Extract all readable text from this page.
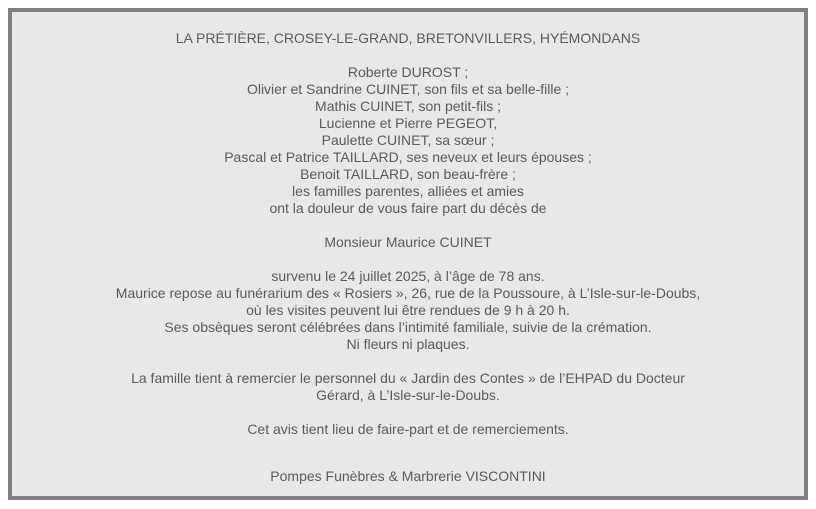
LA PRÉTIÈRE, CROSEY-LE-GRAND, BRETONVILLERS, HYÉMONDANS
Roberte DUROST ;
Olivier et Sandrine CUINET, son fils et sa belle-fille ;
Mathis CUINET, son petit-fils ;
Lucienne et Pierre PEGEOT,
Paulette CUINET, sa sœur ;
Pascal et Patrice TAILLARD, ses neveux et leurs épouses ;
Benoit TAILLARD, son beau-frère ;
les familles parentes, alliées et amies
ont la douleur de vous faire part du décès de
Monsieur Maurice CUINET
survenu le 24 juillet 2025, à l’âge de 78 ans.
Maurice repose au funérarium des « Rosiers », 26, rue de la Poussoure, à L’Isle-sur-le-Doubs,
où les visites peuvent lui être rendues de 9 h à 20 h.
Ses obsèques seront célébrées dans l’intimité familiale, suivie de la crémation.
Ni fleurs ni plaques.
La famille tient à remercier le personnel du « Jardin des Contes » de l’EHPAD du Docteur
Gérard, à L’Isle-sur-le-Doubs.
Cet avis tient lieu de faire-part et de remerciements.
Pompes Funèbres & Marbrerie VISCONTINI
